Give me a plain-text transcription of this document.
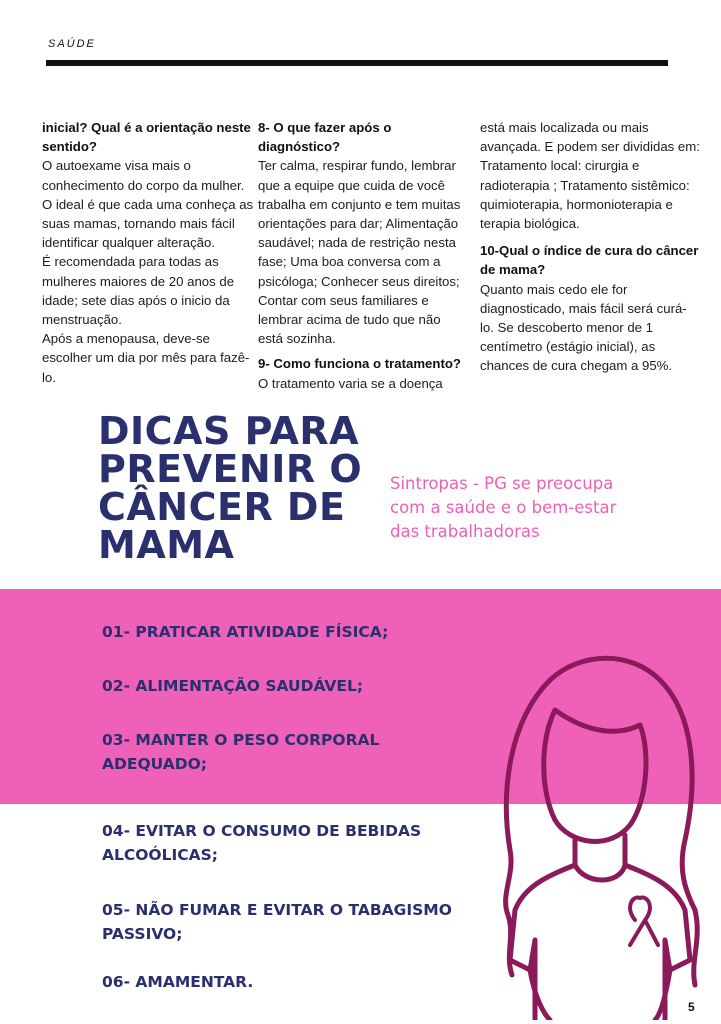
SAÚDE

inicial? Qual é a orientação neste
sentido?

O autoexame visa mais o
conhecimento do corpo da mulher.
O ideal é que cada uma conheça as
suas mamas, tornando mais fácil
identificar qualquer alteração.
É recomendada para todas as
mulheres maiores de 20 anos de
idade; sete dias após o inicio da
menstruação.
Após a menopausa, deve-se
escolher um dia por mês para fazê-
lo.

8- O que fazer após o diagnóstico?

Ter calma, respirar fundo, lembrar
que a equipe que cuida de você
trabalha em conjunto e tem muitas
orientações para dar; Alimentação
saudável; nada de restrição nesta
fase; Uma boa conversa com a
psicóloga; Conhecer seus direitos;
Contar com seus familiares e
lembrar acima de tudo que não
está sozinha.

9- Como funciona o tratamento?

O tratamento varia se a doença

está mais localizada ou mais
avançada. E podem ser divididas em:
Tratamento local: cirurgia e
radioterapia ; Tratamento sistêmico:
quimioterapia, hormonioterapia e
terapia biológica.

10-Qual o índice de cura do câncer
de mama?

Quanto mais cedo ele for
diagnosticado, mais fácil será curá-
lo. Se descoberto menor de 1
centímetro (estágio inicial), as
chances de cura chegam a 95%.

DICAS PARA
PREVENIR O
CÂNCER DE
MAMA
Sintropas - PG se preocupa
com a saúde e o bem-estar
das trabalhadoras
01- PRATICAR ATIVIDADE FÍSICA;
02- ALIMENTAÇÃO SAUDÁVEL;
03- MANTER O PESO CORPORAL
ADEQUADO;
04- EVITAR O CONSUMO DE BEBIDAS
ALCOÓLICAS;
05- NÃO FUMAR E EVITAR O TABAGISMO
PASSIVO;
06- AMAMENTAR.
5
